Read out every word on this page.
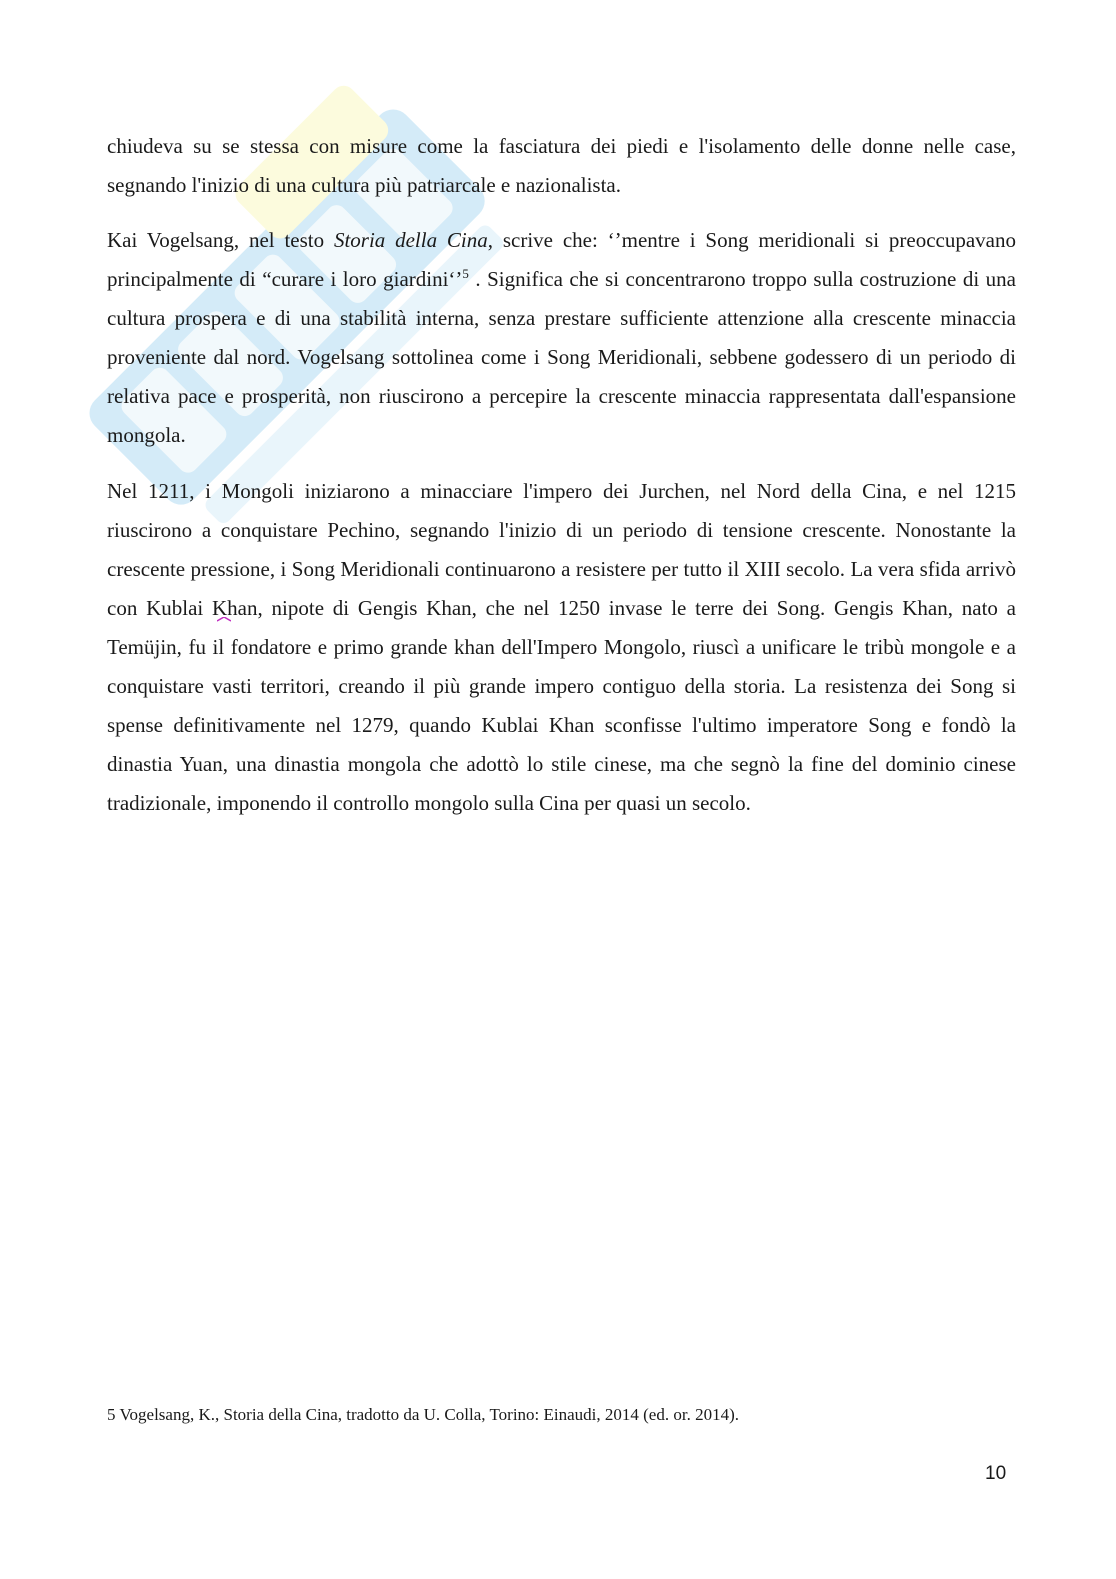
chiudeva su se stessa con misure come la fasciatura dei piedi e l'isolamento delle donne nelle case, segnando l'inizio di una cultura più patriarcale e nazionalista.

Kai Vogelsang, nel testo Storia della Cina, scrive che: ‘’mentre i Song meridionali si preoccupavano principalmente di “curare i loro giardini‘’$^5$ . Significa che si concentrarono troppo sulla costruzione di una cultura prospera e di una stabilità interna, senza prestare sufficiente attenzione alla crescente minaccia proveniente dal nord. Vogelsang sottolinea come i Song Meridionali, sebbene godessero di un periodo di relativa pace e prosperità, non riuscirono a percepire la crescente minaccia rappresentata dall'espansione mongola.

Nel 1211, i Mongoli iniziarono a minacciare l'impero dei Jurchen, nel Nord della Cina, e nel 1215 riuscirono a conquistare Pechino, segnando l'inizio di un periodo di tensione crescente. Nonostante la crescente pressione, i Song Meridionali continuarono a resistere per tutto il XIII secolo. La vera sfida arrivò con Kublai Khan, nipote di Gengis Khan, che nel 1250 invase le terre dei Song. Gengis Khan, nato a Temüjin, fu il fondatore e primo grande khan dell'Impero Mongolo, riuscì a unificare le tribù mongole e a conquistare vasti territori, creando il più grande impero contiguo della storia. La resistenza dei Song si spense definitivamente nel 1279, quando Kublai Khan sconfisse l'ultimo imperatore Song e fondò la dinastia Yuan, una dinastia mongola che adottò lo stile cinese, ma che segnò la fine del dominio cinese tradizionale, imponendo il controllo mongolo sulla Cina per quasi un secolo.

5 Vogelsang, K., Storia della Cina, tradotto da U. Colla, Torino: Einaudi, 2014 (ed. or. 2014).
10
